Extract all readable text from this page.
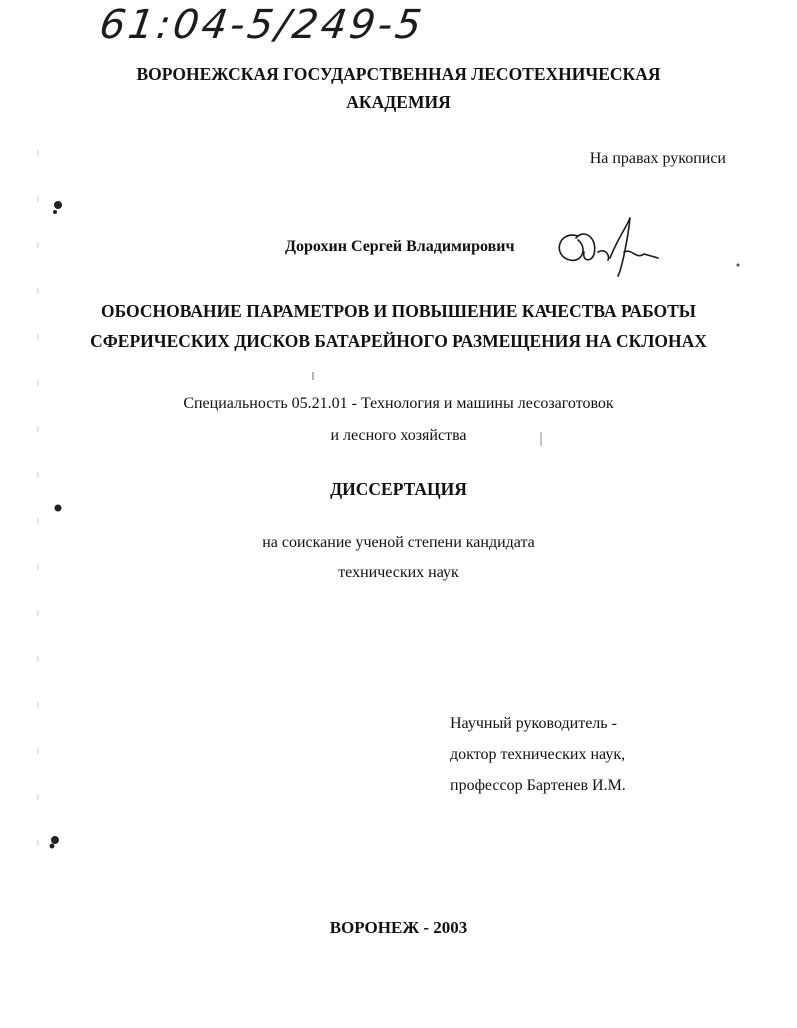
61:04-5/249-5
ВОРОНЕЖСКАЯ ГОСУДАРСТВЕННАЯ ЛЕСОТЕХНИЧЕСКАЯ
АКАДЕМИЯ
На правах рукописи
Дорохин Сергей Владимирович
ОБОСНОВАНИЕ ПАРАМЕТРОВ И ПОВЫШЕНИЕ КАЧЕСТВА РАБОТЫ
СФЕРИЧЕСКИХ ДИСКОВ БАТАРЕЙНОГО РАЗМЕЩЕНИЯ НА СКЛОНАХ
Специальность 05.21.01 - Технология и машины лесозаготовок
и лесного хозяйства
ДИССЕРТАЦИЯ
на соискание ученой степени кандидата
технических наук
Научный руководитель -
доктор технических наук,
профессор Бартенев И.М.
ВОРОНЕЖ - 2003
